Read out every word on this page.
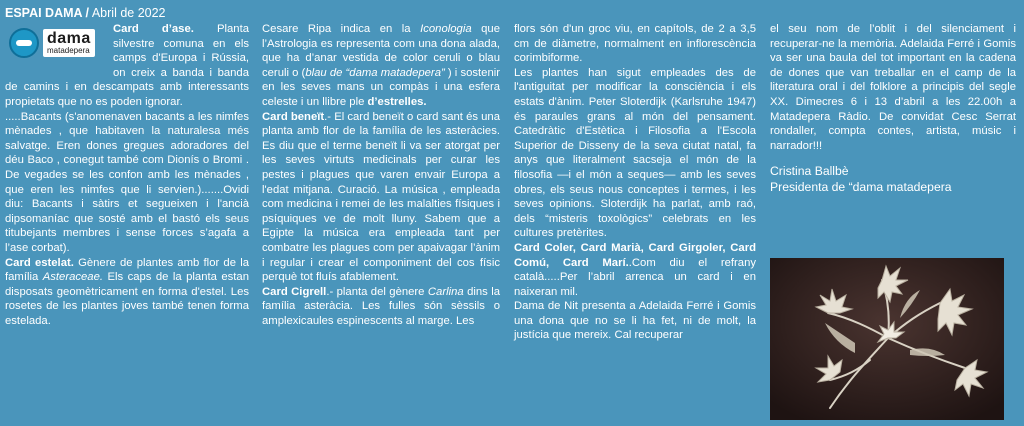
ESPAI DAMA / Abril de 2022
dama
matadepera

Card d’ase. Planta silvestre comuna en els camps d'Europa i Rússia, on creix a banda i banda de camins i en descampats amb interessants propietats que no es poden ignorar.

.....Bacants (s'anomenaven bacants a les nimfes mènades , que habitaven la naturalesa més salvatge. Eren dones gregues adoradores del déu Baco , conegut també com Dionís o Bromi . De vegades se les confon amb les mènades , que eren les nimfes que li servien.).......Ovidi diu: Bacants i sàtirs et segueixen i l'ancià dipsomaníac que sosté amb el bastó els seus titubejants membres i sense forces s’agafa a l’ase corbat).

Card estelat. Gènere de plantes amb flor de la família Asteraceae. Els caps de la planta estan disposats geomètricament en forma d'estel. Les rosetes de les plantes joves també tenen forma estelada.

Cesare Ripa indica en la Iconologia que l’Astrologia es representa com una dona alada, que ha d’anar vestida de color ceruli o blau ceruli o (blau de “dama matadepera” ) i sostenir en les seves mans un compàs i una esfera celeste i un llibre ple d’estrelles.

Card beneït.- El card beneït o card sant és una planta amb flor de la família de les asteràcies. Es diu que el terme beneït li va ser atorgat per les seves virtuts medicinals per curar les pestes i plagues que varen envair Europa a l'edat mitjana. Curació. La música , empleada com medicina i remei de les malalties físiques i psíquiques ve de molt lluny. Sabem que a Egipte la música era empleada tant per combatre les plagues com per apaivagar l’ànim i regular i crear el componiment del cos físic perquè tot fluís afablement.

Card Cigrell.- planta del gènere Carlina dins la família asteràcia. Les fulles són sèssils o amplexicaules espinescents al marge. Les

flors són d'un groc viu, en capítols, de 2 a 3,5 cm de diàmetre, normalment en inflorescència corimbiforme.

Les plantes han sigut empleades des de l'antiguitat per modificar la consciència i els estats d'ànim. Peter Sloterdijk (Karlsruhe 1947) és paraules grans al món del pensament. Catedràtic d'Estètica i Filosofia a l'Escola Superior de Disseny de la seva ciutat natal, fa anys que literalment sacseja el món de la filosofia —i el món a seques— amb les seves obres, els seus nous conceptes i termes, i les seves opinions. Sloterdijk ha parlat, amb raó, dels “misteris toxològics” celebrats en les cultures pretèrites.

Card Coler, Card Marià, Card Girgoler, Card Comú, Card Marí..Com diu el refrany català.....Per l’abril arrenca un card i en naixeran mil.

Dama de Nit presenta a Adelaida Ferré i Gomis una dona que no se li ha fet, ni de molt, la justícia que mereix. Cal recuperar

el seu nom de l’oblit i del silenciament i recuperar-ne la memòria. Adelaida Ferré i Gomis va ser una baula del tot important en la cadena de dones que van treballar en el camp de la literatura oral i del folklore a principis del segle XX. Dimecres 6 i 13 d’abril a les 22.00h a Matadepera Ràdio. De convidat Cesc Serrat rondaller, compta contes, artista, músic i narrador!!!

Cristina Ballbè
Presidenta de “dama matadepera
